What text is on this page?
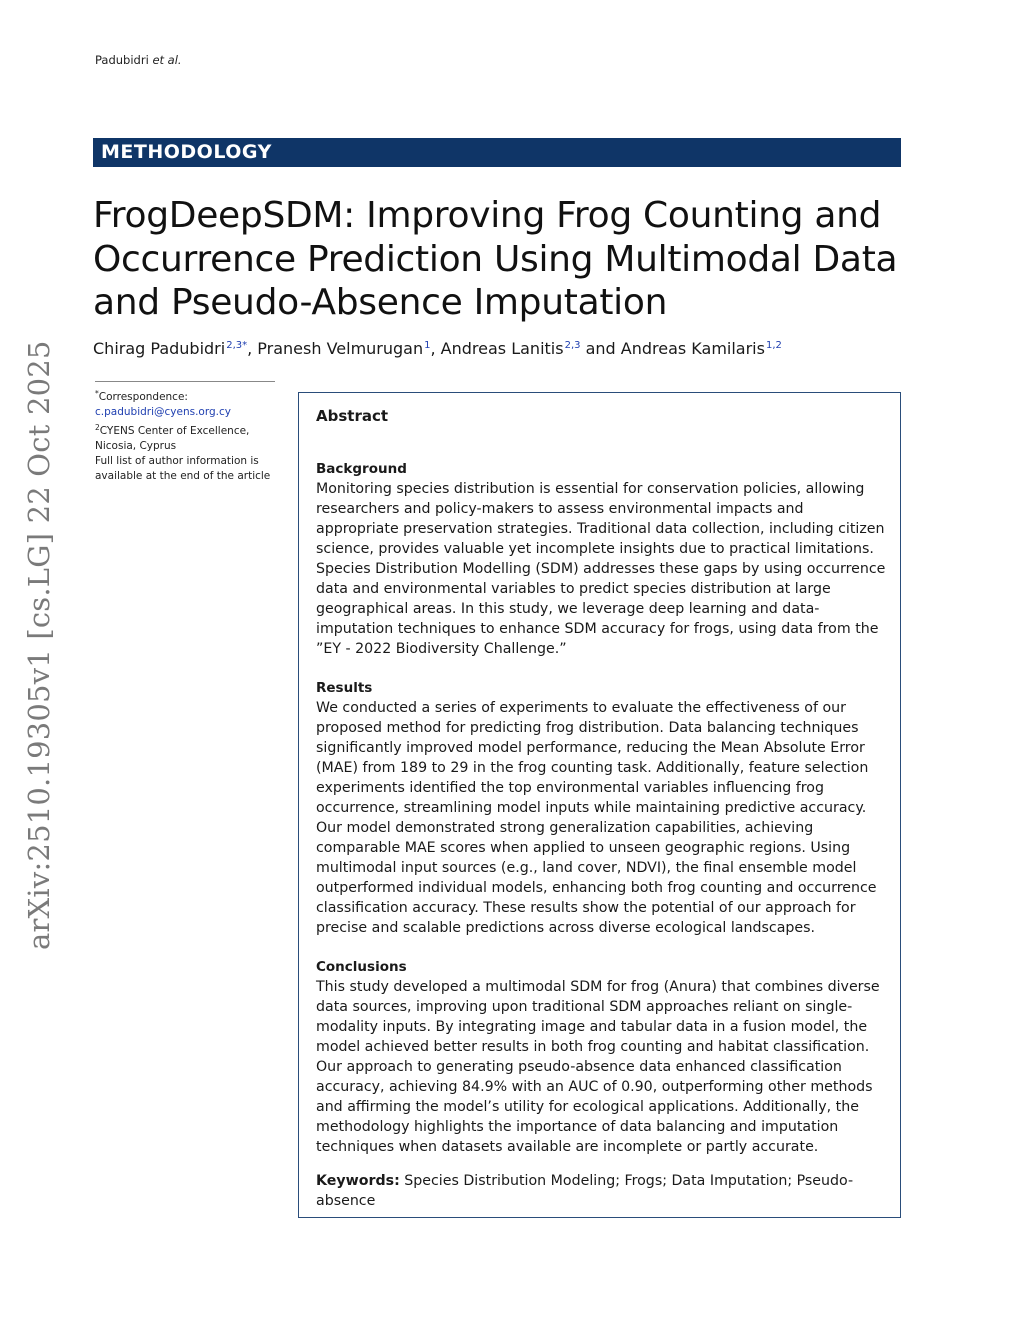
Padubidri et al.
arXiv:2510.19305v1 [cs.LG] 22 Oct 2025
METHODOLOGY
FrogDeepSDM: Improving Frog Counting and Occurrence Prediction Using Multimodal Data and Pseudo-Absence Imputation
Chirag Padubidri$^{2,3*}$, Pranesh Velmurugan$^1$, Andreas Lanitis$^{2,3}$ and Andreas Kamilaris$^{1,2}$

*Correspondence:

c.padubidri@cyens.org.cy

$^2$CYENS Center of Excellence,

Nicosia, Cyprus

Full list of author information is available at the end of the article

Abstract
Background

Monitoring species distribution is essential for conservation policies, allowing researchers and policy-makers to assess environmental impacts and appropriate preservation strategies. Traditional data collection, including citizen science, provides valuable yet incomplete insights due to practical limitations. Species Distribution Modelling (SDM) addresses these gaps by using occurrence data and environmental variables to predict species distribution at large geographical areas. In this study, we leverage deep learning and data-imputation techniques to enhance SDM accuracy for frogs, using data from the ”EY - 2022 Biodiversity Challenge.”

Results

We conducted a series of experiments to evaluate the effectiveness of our proposed method for predicting frog distribution. Data balancing techniques significantly improved model performance, reducing the Mean Absolute Error (MAE) from 189 to 29 in the frog counting task. Additionally, feature selection experiments identified the top environmental variables influencing frog occurrence, streamlining model inputs while maintaining predictive accuracy. Our model demonstrated strong generalization capabilities, achieving comparable MAE scores when applied to unseen geographic regions. Using multimodal input sources (e.g., land cover, NDVI), the final ensemble model outperformed individual models, enhancing both frog counting and occurrence classification accuracy. These results show the potential of our approach for precise and scalable predictions across diverse ecological landscapes.

Conclusions

This study developed a multimodal SDM for frog (Anura) that combines diverse data sources, improving upon traditional SDM approaches reliant on single-modality inputs. By integrating image and tabular data in a fusion model, the model achieved better results in both frog counting and habitat classification. Our approach to generating pseudo-absence data enhanced classification accuracy, achieving 84.9% with an AUC of 0.90, outperforming other methods and affirming the model’s utility for ecological applications. Additionally, the methodology highlights the importance of data balancing and imputation techniques when datasets available are incomplete or partly accurate.

Keywords: Species Distribution Modeling; Frogs; Data Imputation; Pseudo-absence
